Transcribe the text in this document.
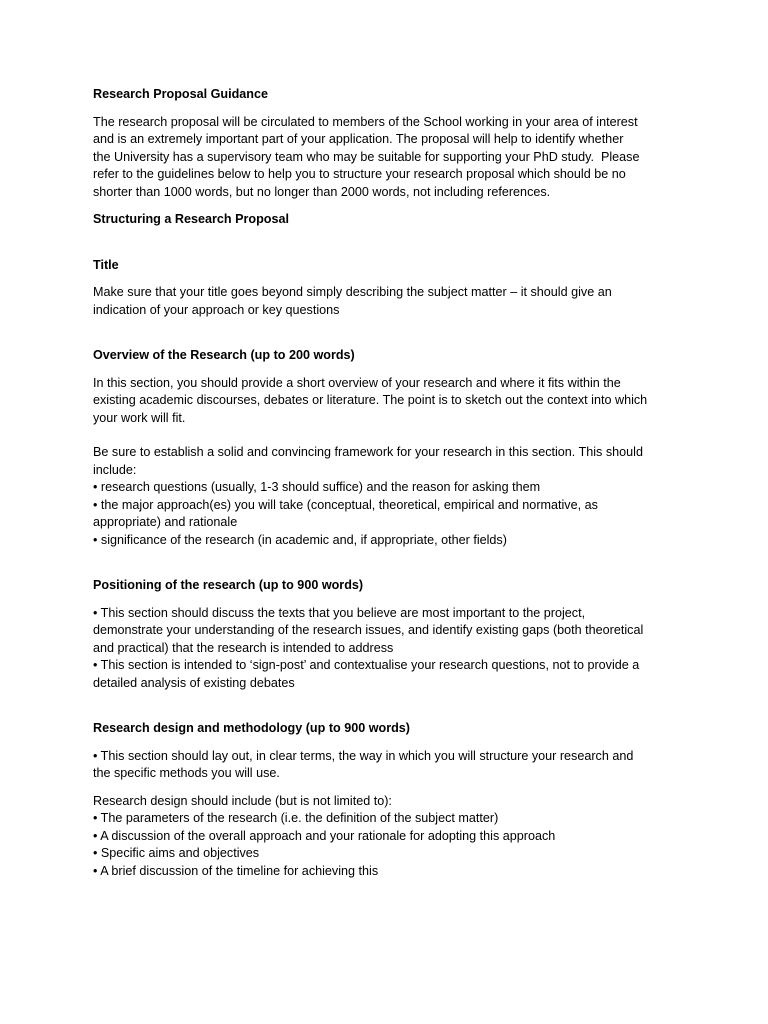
Research Proposal Guidance

The research proposal will be circulated to members of the School working in your area of interest
and is an extremely important part of your application. The proposal will help to identify whether
the University has a supervisory team who may be suitable for supporting your PhD study.  Please
refer to the guidelines below to help you to structure your research proposal which should be no
shorter than 1000 words, but no longer than 2000 words, not including references.

Structuring a Research Proposal

Title

Make sure that your title goes beyond simply describing the subject matter – it should give an
indication of your approach or key questions

Overview of the Research (up to 200 words)

In this section, you should provide a short overview of your research and where it fits within the
existing academic discourses, debates or literature. The point is to sketch out the context into which
your work will fit.

Be sure to establish a solid and convincing framework for your research in this section. This should
include:
• research questions (usually, 1-3 should suffice) and the reason for asking them
• the major approach(es) you will take (conceptual, theoretical, empirical and normative, as
appropriate) and rationale
• significance of the research (in academic and, if appropriate, other fields)

Positioning of the research (up to 900 words)

• This section should discuss the texts that you believe are most important to the project,
demonstrate your understanding of the research issues, and identify existing gaps (both theoretical
and practical) that the research is intended to address
• This section is intended to ‘sign-post’ and contextualise your research questions, not to provide a
detailed analysis of existing debates

Research design and methodology (up to 900 words)

• This section should lay out, in clear terms, the way in which you will structure your research and
the specific methods you will use.

Research design should include (but is not limited to):
• The parameters of the research (i.e. the definition of the subject matter)
• A discussion of the overall approach and your rationale for adopting this approach
• Specific aims and objectives
• A brief discussion of the timeline for achieving this
